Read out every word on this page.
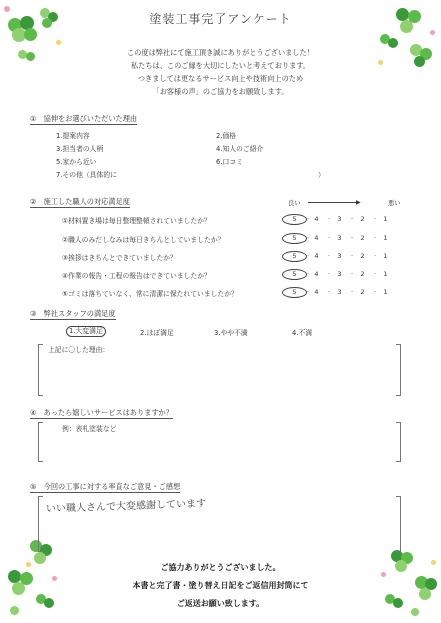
塗装工事完了アンケート
この度は弊社にて施工頂き誠にありがとうございました！
私たちは、このご縁を大切にしたいと考えております。
つきましては更なるサービス向上や技術向上のため
「お客様の声」のご協力をお願致します。
①　協伸をお選びいただいた理由
1.提案内容	2.価格
3.担当者の人柄	4.知人のご紹介
5.家から近い	6.口コミ
7.その他（具体的に	）
②　施工した職人の対応満足度	良い	▶	悪い
①材料置き場は毎日整理整頓されていましたか？	5 · 4 · 3 · 2 · 1
②職人のみだしなみは毎日きちんとしていましたか？	5 · 4 · 3 · 2 · 1
③挨拶はきちんとできていましたか？	5 · 4 · 3 · 2 · 1
④作業の報告・工程の報告はできていましたか？	5 · 4 · 3 · 2 · 1
⑤ゴミは落ちていなく、常に清潔に保たれていましたか？	5 · 4 · 3 · 2 · 1
③　弊社スタッフの満足度
1.大変満足	2.ほぼ満足	3.やや不満	4.不満
上記に〇した理由：
④　あったら嬉しいサービスはありますか？
例：表札塗装など
⑤　今回の工事に対する率直なご意見・ご感想
いい職人さんで大変感謝しています
ご協力ありがとうございました。
本書と完了書・塗り替え日記をご返信用封筒にて
ご返送お願い致します。
